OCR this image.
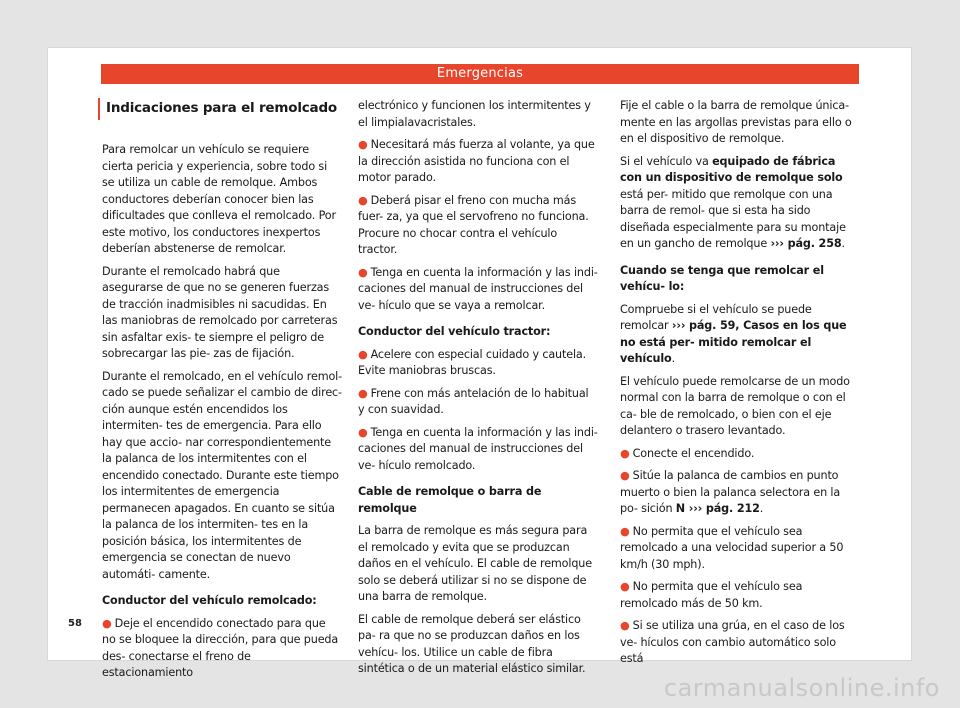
Emergencias
Indicaciones para el remolcado

Para remolcar un vehículo se requiere cierta pericia y experiencia, sobre todo si se utiliza un cable de remolque. Ambos conductores deberían conocer bien las dificultades que conlleva el remolcado. Por este motivo, los conductores inexpertos deberían abstenerse de remolcar.

Durante el remolcado habrá que asegurarse de que no se generen fuerzas de tracción inadmisibles ni sacudidas. En las maniobras de remolcado por carreteras sin asfaltar exis- te siempre el peligro de sobrecargar las pie- zas de fijación.

Durante el remolcado, en el vehículo remol- cado se puede señalizar el cambio de direc- ción aunque estén encendidos los intermiten- tes de emergencia. Para ello hay que accio- nar correspondientemente la palanca de los intermitentes con el encendido conectado. Durante este tiempo los intermitentes de emergencia permanecen apagados. En cuanto se sitúa la palanca de los intermiten- tes en la posición básica, los intermitentes de emergencia se conectan de nuevo automáti- camente.

Conductor del vehículo remolcado:

● Deje el encendido conectado para que no se bloquee la dirección, para que pueda des- conectarse el freno de estacionamiento

electrónico y funcionen los intermitentes y el limpialavacristales.

● Necesitará más fuerza al volante, ya que la dirección asistida no funciona con el motor parado.

● Deberá pisar el freno con mucha más fuer- za, ya que el servofreno no funciona. Procure no chocar contra el vehículo tractor.

● Tenga en cuenta la información y las indi- caciones del manual de instrucciones del ve- hículo que se vaya a remolcar.

Conductor del vehículo tractor:

● Acelere con especial cuidado y cautela. Evite maniobras bruscas.

● Frene con más antelación de lo habitual y con suavidad.

● Tenga en cuenta la información y las indi- caciones del manual de instrucciones del ve- hículo remolcado.

Cable de remolque o barra de remolque

La barra de remolque es más segura para el remolcado y evita que se produzcan daños en el vehículo. El cable de remolque solo se deberá utilizar si no se dispone de una barra de remolque.

El cable de remolque deberá ser elástico pa- ra que no se produzcan daños en los vehícu- los. Utilice un cable de fibra sintética o de un material elástico similar.

Fije el cable o la barra de remolque única- mente en las argollas previstas para ello o en el dispositivo de remolque.

Si el vehículo va equipado de fábrica con un dispositivo de remolque solo está per- mitido que remolque con una barra de remol- que si esta ha sido diseñada especialmente para su montaje en un gancho de remolque ››› pág. 258.

Cuando se tenga que remolcar el vehícu- lo:

Compruebe si el vehículo se puede remolcar ››› pág. 59, Casos en los que no está per- mitido remolcar el vehículo.

El vehículo puede remolcarse de un modo normal con la barra de remolque o con el ca- ble de remolcado, o bien con el eje delantero o trasero levantado.

● Conecte el encendido.

● Sitúe la palanca de cambios en punto muerto o bien la palanca selectora en la po- sición N ››› pág. 212.

● No permita que el vehículo sea remolcado a una velocidad superior a 50 km/h (30 mph).

● No permita que el vehículo sea remolcado más de 50 km.

● Si se utiliza una grúa, en el caso de los ve- hículos con cambio automático solo está

58
carmanualsonline.info
